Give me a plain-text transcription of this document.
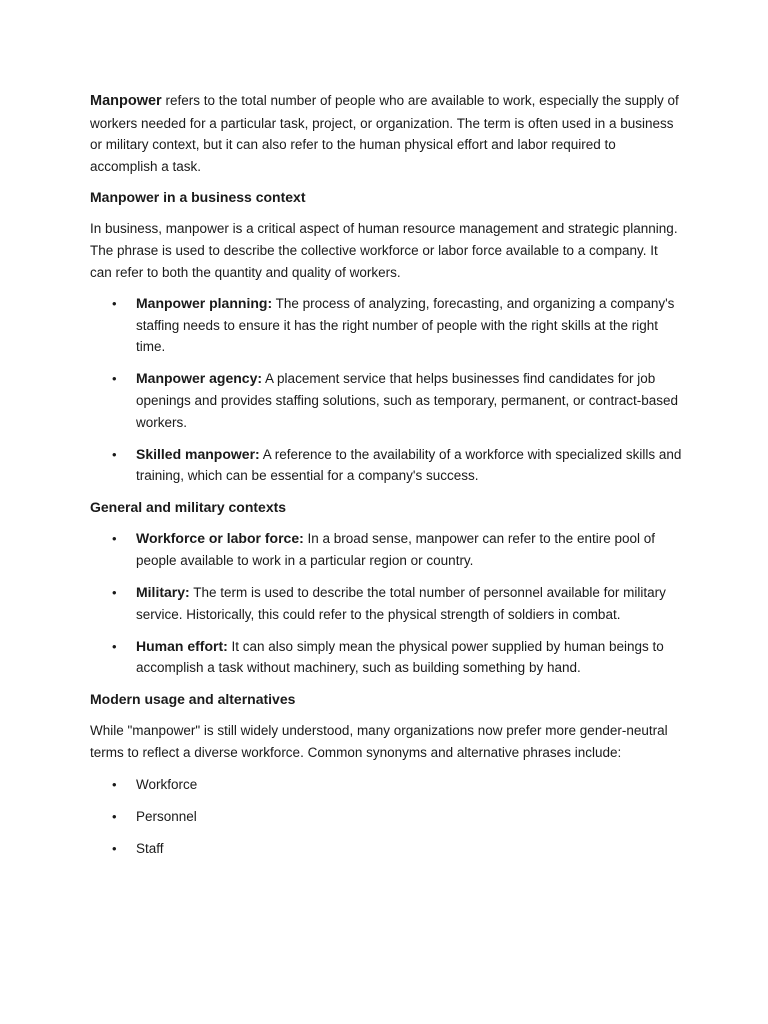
Manpower refers to the total number of people who are available to work, especially the supply of workers needed for a particular task, project, or organization. The term is often used in a business or military context, but it can also refer to the human physical effort and labor required to accomplish a task.

Manpower in a business context

In business, manpower is a critical aspect of human resource management and strategic planning. The phrase is used to describe the collective workforce or labor force available to a company. It can refer to both the quantity and quality of workers.

• Manpower planning: The process of analyzing, forecasting, and organizing a company's staffing needs to ensure it has the right number of people with the right skills at the right time.
• Manpower agency: A placement service that helps businesses find candidates for job openings and provides staffing solutions, such as temporary, permanent, or contract-based workers.
• Skilled manpower: A reference to the availability of a workforce with specialized skills and training, which can be essential for a company's success.
General and military contexts
• Workforce or labor force: In a broad sense, manpower can refer to the entire pool of people available to work in a particular region or country.
• Military: The term is used to describe the total number of personnel available for military service. Historically, this could refer to the physical strength of soldiers in combat.
• Human effort: It can also simply mean the physical power supplied by human beings to accomplish a task without machinery, such as building something by hand.
Modern usage and alternatives

While "manpower" is still widely understood, many organizations now prefer more gender-neutral terms to reflect a diverse workforce. Common synonyms and alternative phrases include:

• Workforce
• Personnel
• Staff
